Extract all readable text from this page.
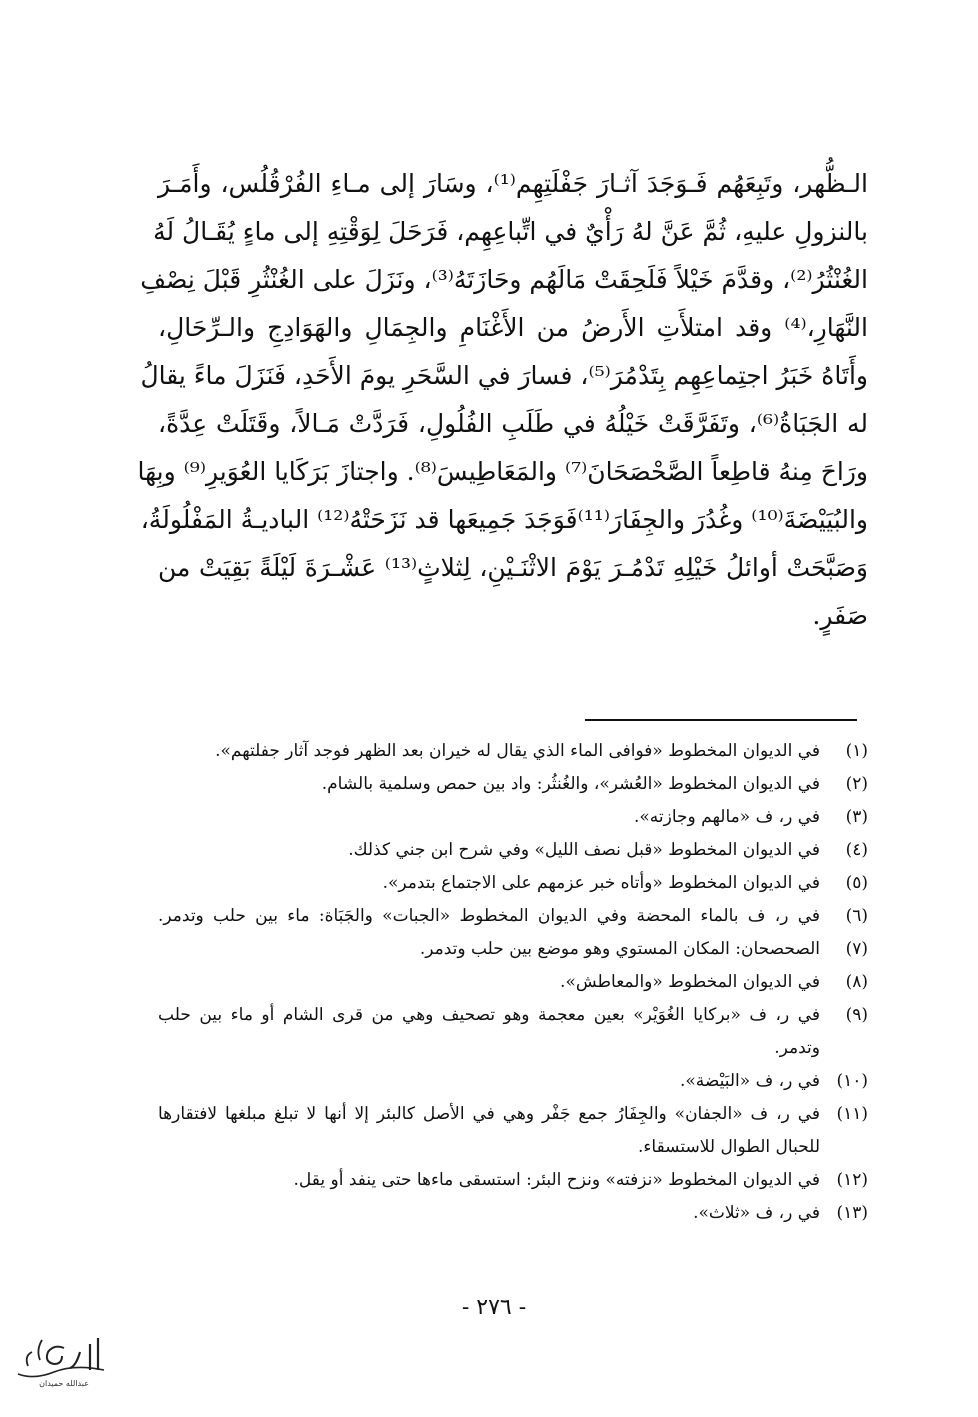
الـظُّهر، وتَبِعَهُم فَـوَجَدَ آثـارَ جَفْلَتِهِم⁽¹⁾، وسَارَ إلى مـاءِ الفُرْقُلُس، وأَمَـرَ
بالنزولِ عليهِ، ثُمَّ عَنَّ لهُ رَأْيٌ في اتِّباعِهِم، فَرَحَلَ لِوَقْتِهِ إلى ماءٍ يُقَـالُ لَهُ
الغُنْثُرُ⁽²⁾، وقدَّمَ خَيْلاً فَلَحِقَتْ مَالَهُم وحَازَتَهُ⁽³⁾، ونَزَلَ على الغُنْثُرِ قَبْلَ نِصْفِ
النَّهَارِ،⁽⁴⁾ وقد امتلأَتِ الأَرضُ من الأَغْنَامِ والجِمَالِ والهَوَادِجِ والـرِّحَالِ،
وأَتَاهُ خَبَرُ اجتِماعِهِم بِتَدْمُرَ⁽⁵⁾، فسارَ في السَّحَرِ يومَ الأَحَدِ، فَنَزَلَ ماءً يقالُ
له الجَبَاةُ⁽⁶⁾، وتَفَرَّقَتْ خَيْلُهُ في طَلَبِ الفُلُولِ، فَرَدَّتْ مَـالاً، وقَتَلَتْ عِدَّةً،
ورَاحَ مِنهُ قاطِعاً الصَّحْصَحَانَ⁽⁷⁾ والمَعَاطِيسَ⁽⁸⁾. واجتازَ بَرَكَايا العُوَيرِ⁽⁹⁾ وبِهَا
والبُيَيْضَةَ⁽¹⁰⁾ وغُدُرَ والجِفَارَ⁽¹¹⁾فَوَجَدَ جَمِيعَها قد نَزَحَتْهُ⁽¹²⁾ الباديـةُ المَفْلُولَةُ،
وَصَبَّحَتْ أوائلُ خَيْلِهِ تَدْمُـرَ يَوْمَ الاثْنَـيْنِ، لِثلاثٍ⁽¹³⁾ عَشْـرَةَ لَيْلَةً بَقِيَتْ من
صَفَرٍ.
(١)
في الديوان المخطوط «فوافى الماء الذي يقال له خيران بعد الظهر فوجد آثار جفلتهم».
(٢)
في الديوان المخطوط «العُشر»، والغُنثُر: واد بين حمص وسلمية بالشام.
(٣)
في ر، ف «مالهم وجازته».
(٤)
في الديوان المخطوط «قبل نصف الليل» وفي شرح ابن جني كذلك.
(٥)
في الديوان المخطوط «وأتاه خبر عزمهم على الاجتماع بتدمر».
(٦)
في ر، ف بالماء المحضة وفي الديوان المخطوط «الجبات» والجَبَاة: ماء بين حلب وتدمر.
(٧)
الصحصحان: المكان المستوي وهو موضع بين حلب وتدمر.
(٨)
في الديوان المخطوط «والمعاطش».
(٩)
في ر، ف «بركايا الغُوَيْر» بعين معجمة وهو تصحيف وهي من قرى الشام أو ماء بين حلب
وتدمر.
(١٠)
في ر، ف «البَيْضة».
(١١)
في ر، ف «الجفان» والجِفَارُ جمع جَفْر وهي في الأصل كالبئر إلا أنها لا تبلغ مبلغها لافتقارها
للحبال الطوال للاستسقاء.
(١٢)
في الديوان المخطوط «نزفته» ونزح البئر: استسقى ماءها حتى ينفد أو يقل.
(١٣)
في ر، ف «ثلاث».
- ٢٧٦ -
عبدالله حميدان
